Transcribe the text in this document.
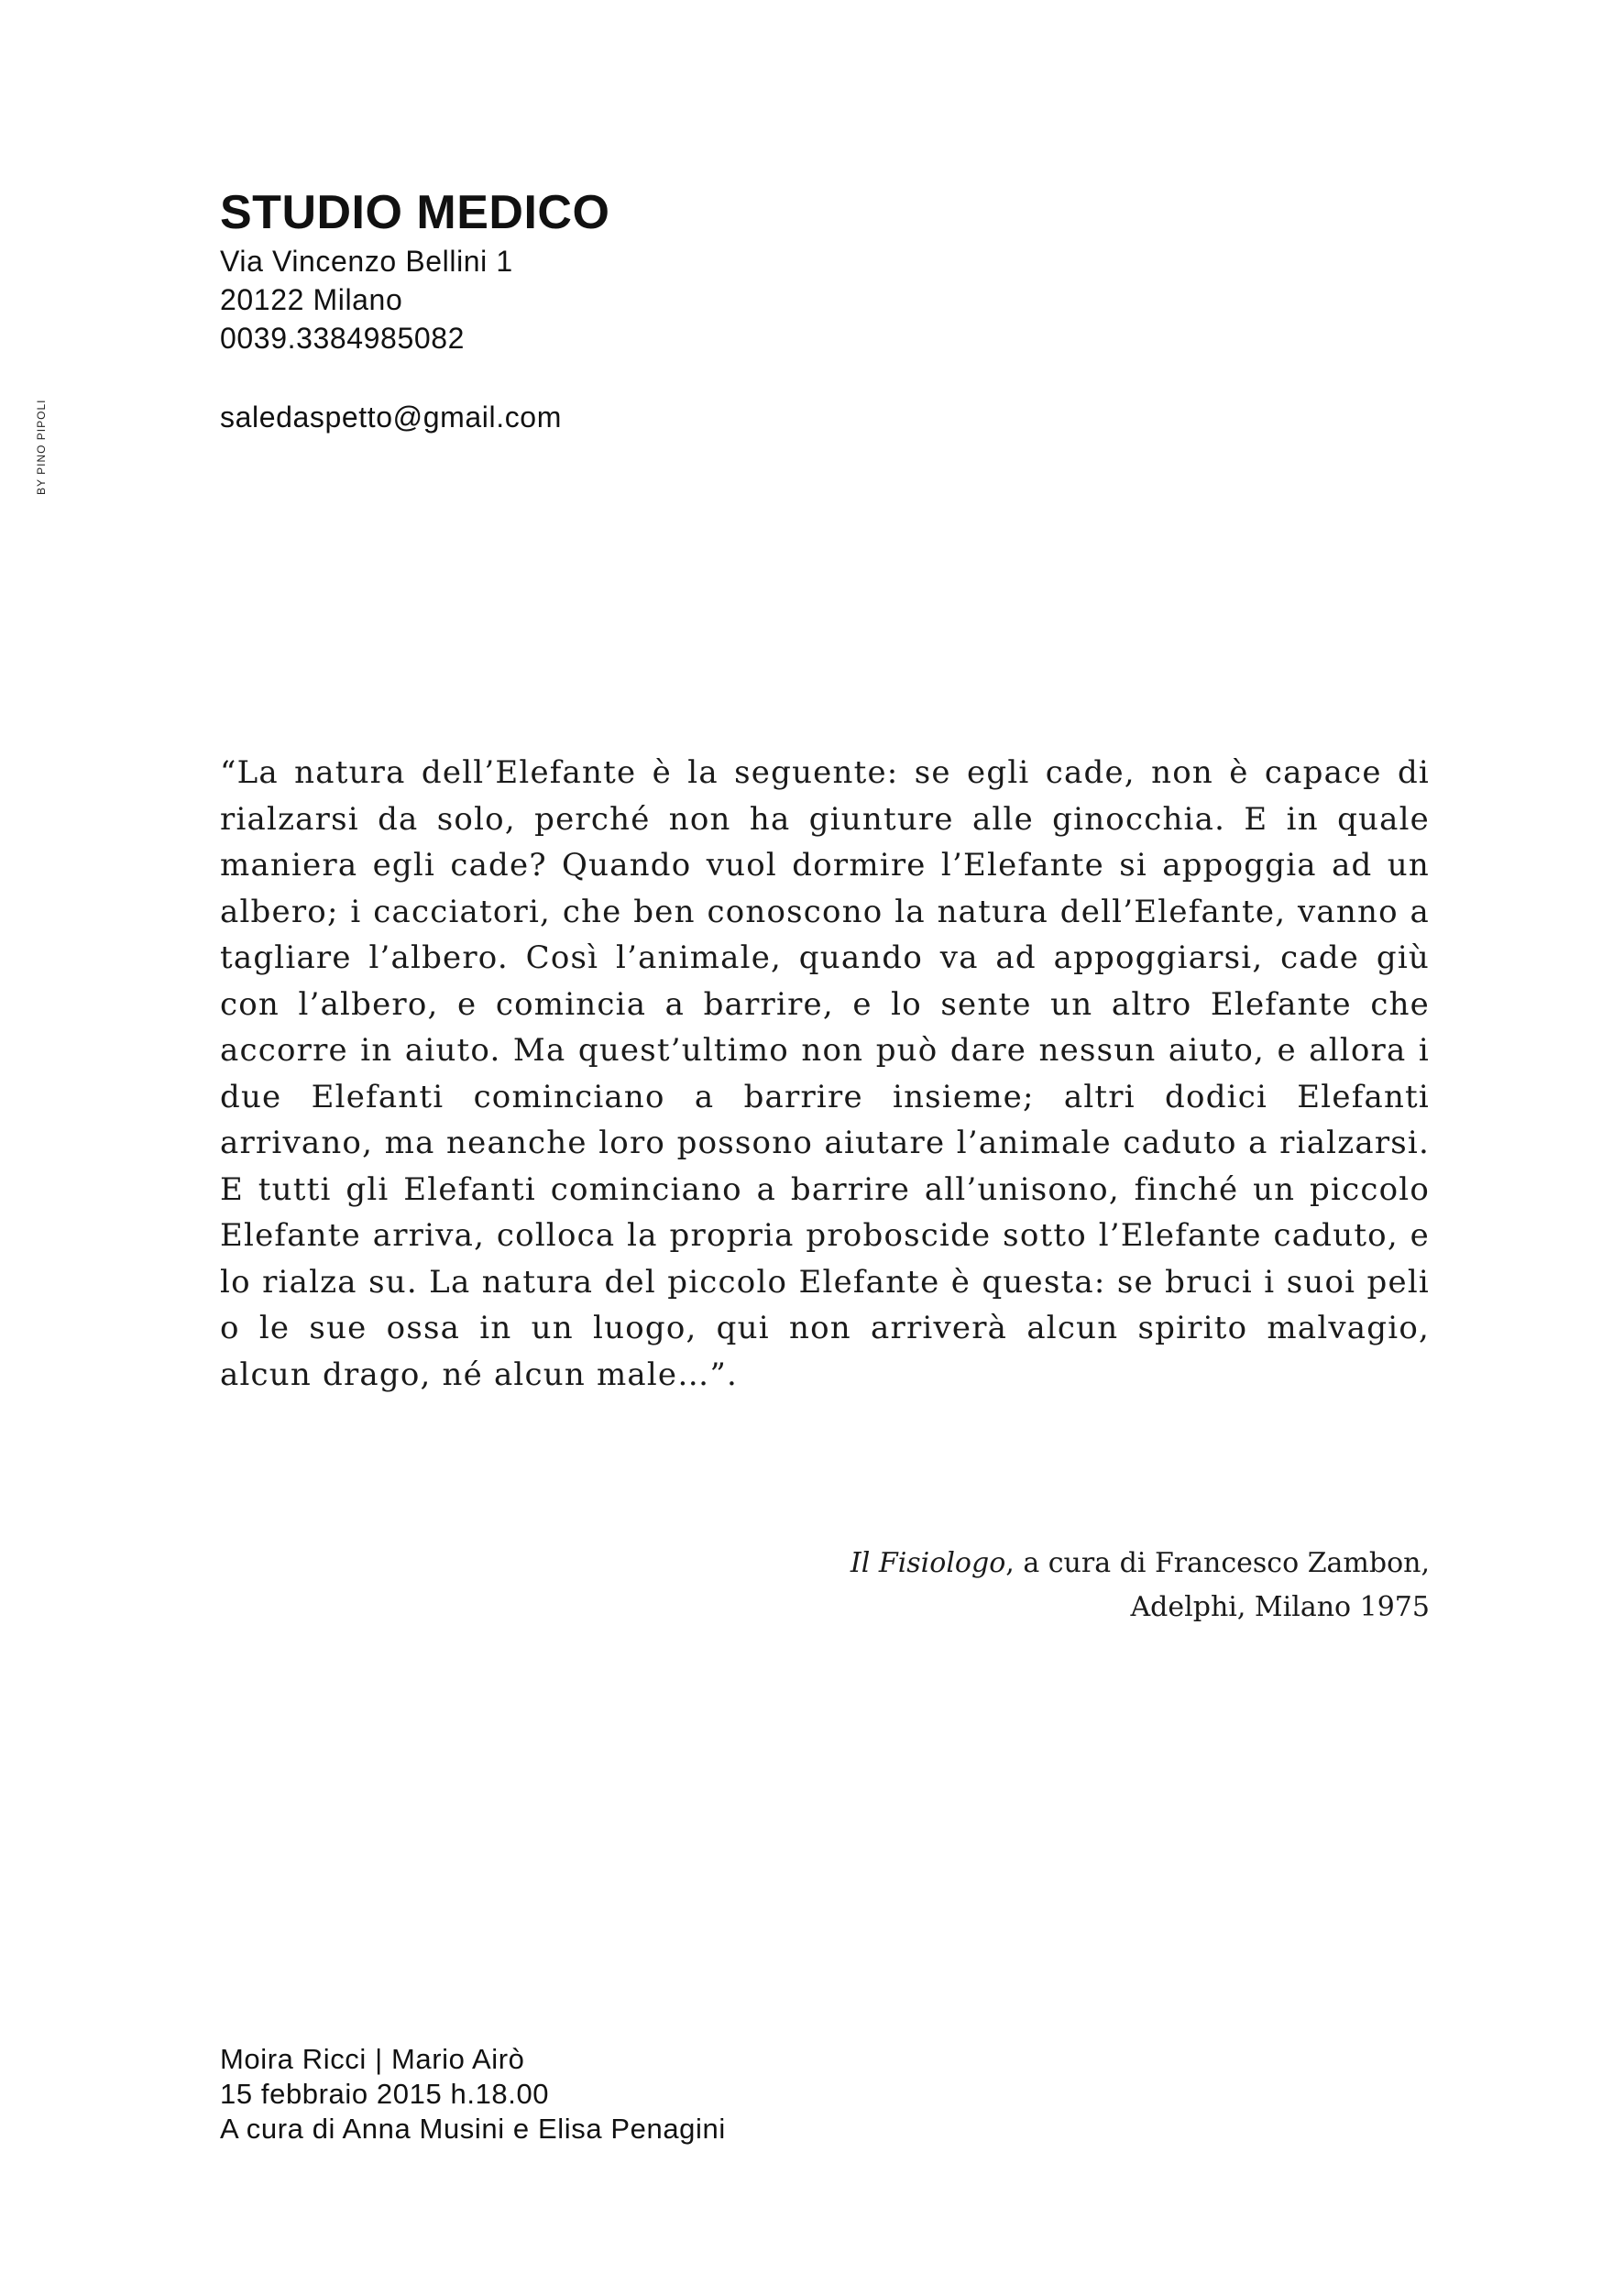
STUDIO MEDICO
Via Vincenzo Bellini 1
20122 Milano
0039.3384985082
saledaspetto@gmail.com
BY PINO PIPOLI

“La natura dell’Elefante è la seguente: se egli cade, non è capace di rialzarsi da solo, perché non ha giunture alle ginocchia. E in quale maniera egli cade? Quando vuol dormire l’Elefante si appoggia ad un albero; i cacciatori, che ben conoscono la natura dell’Elefante, vanno a tagliare l’albero. Così l’animale, quando va ad appoggiarsi, cade giù con l’albero, e comincia a barrire, e lo sente un altro Elefante che accorre in aiuto. Ma quest’ultimo non può dare nessun aiuto, e allora i due Elefanti cominciano a barrire insieme; altri dodici Elefanti arrivano, ma neanche loro possono aiutare l’animale caduto a rialzarsi. E tutti gli Elefanti cominciano a barrire all’unisono, finché un piccolo Elefante arriva, colloca la propria proboscide sotto l’Elefante caduto, e lo rialza su. La natura del piccolo Elefante è questa: se bruci i suoi peli o le sue ossa in un luogo, qui non arriverà alcun spirito malvagio, alcun drago, né alcun male…”.

Il Fisiologo, a cura di Francesco Zambon,
Adelphi, Milano 1975
Moira Ricci | Mario Airò
15 febbraio 2015 h.18.00
A cura di Anna Musini e Elisa Penagini
